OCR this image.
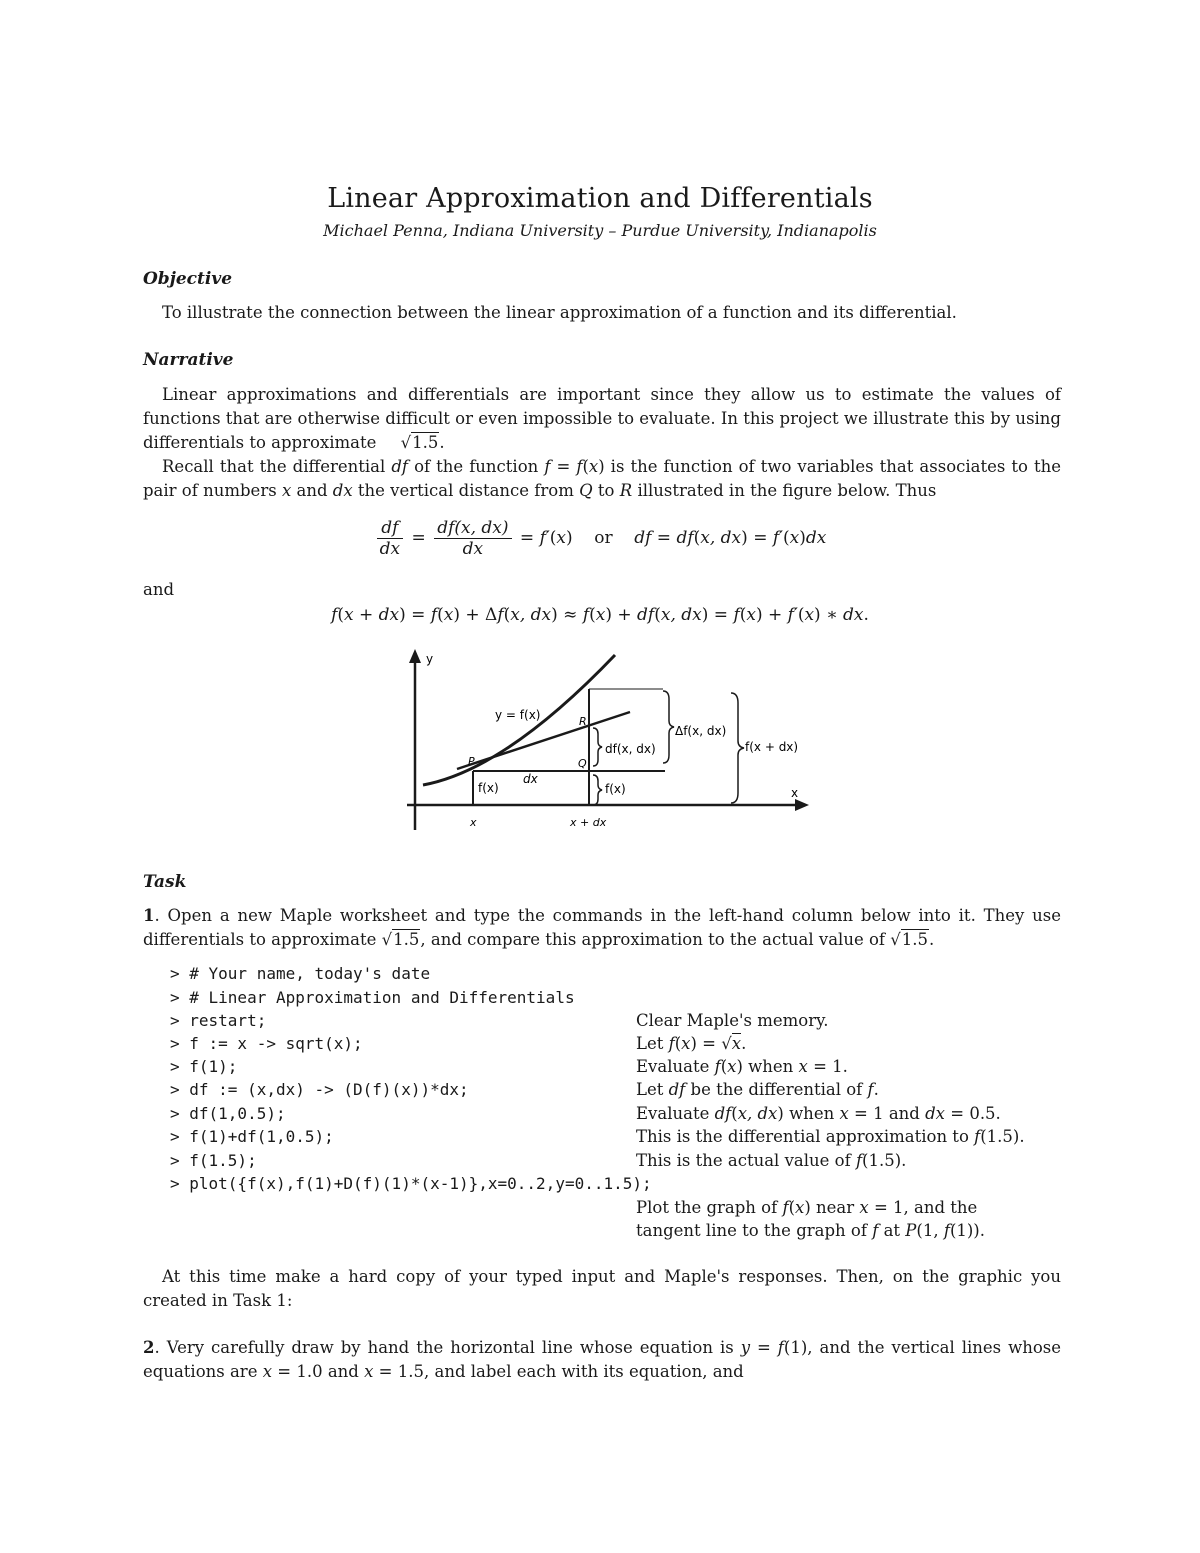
Linear Approximation and Differentials
Michael Penna, Indiana University – Purdue University, Indianapolis
Objective

To illustrate the connection between the linear approximation of a function and its differential.

Narrative

Linear approximations and differentials are important since they allow us to estimate the values of functions that are otherwise difficult or even impossible to evaluate. In this project we illustrate this by using differentials to approximate √1.5.

Recall that the differential df of the function f = f(x) is the function of two variables that associates to the pair of numbers x and dx the vertical distance from Q to R illustrated in the figure below. Thus

$\frac{df}{dx} = \frac{df(x, dx)}{dx} = f'(x)$    or df = df(x, dx) = f′(x)dx
and
f(x + dx) = f(x) + Δf(x, dx) ≈ f(x) + df(x, dx) = f(x) + f′(x) ∗ dx.
y
x
y = f(x)
P	Q
R
dx
f(x)
df(x, dx)
f(x)
Δf(x, dx)
f(x + dx)
x	x + dx
Task

1. Open a new Maple worksheet and type the commands in the left-hand column below into it. They use differentials to approximate √1.5, and compare this approximation to the actual value of √1.5.

> # Your name, today's date
> # Linear Approximation and Differentials
> restart;
> f := x -> sqrt(x);
> f(1);
> df := (x,dx) -> (D(f)(x))*dx;
> df(1,0.5);
> f(1)+df(1,0.5);
> f(1.5);
> plot({f(x),f(1)+D(f)(1)*(x-1)},x=0..2,y=0..1.5);
Clear Maple's memory.
Let f(x) = √x.
Evaluate f(x) when x = 1.
Let df be the differential of f.
Evaluate df(x, dx) when x = 1 and dx = 0.5.
This is the differential approximation to f(1.5).
This is the actual value of f(1.5).
Plot the graph of f(x) near x = 1, and the
tangent line to the graph of f at P(1, f(1)).

At this time make a hard copy of your typed input and Maple's responses. Then, on the graphic you created in Task 1:

2. Very carefully draw by hand the horizontal line whose equation is y = f(1), and the vertical lines whose equations are x = 1.0 and x = 1.5, and label each with its equation, and
